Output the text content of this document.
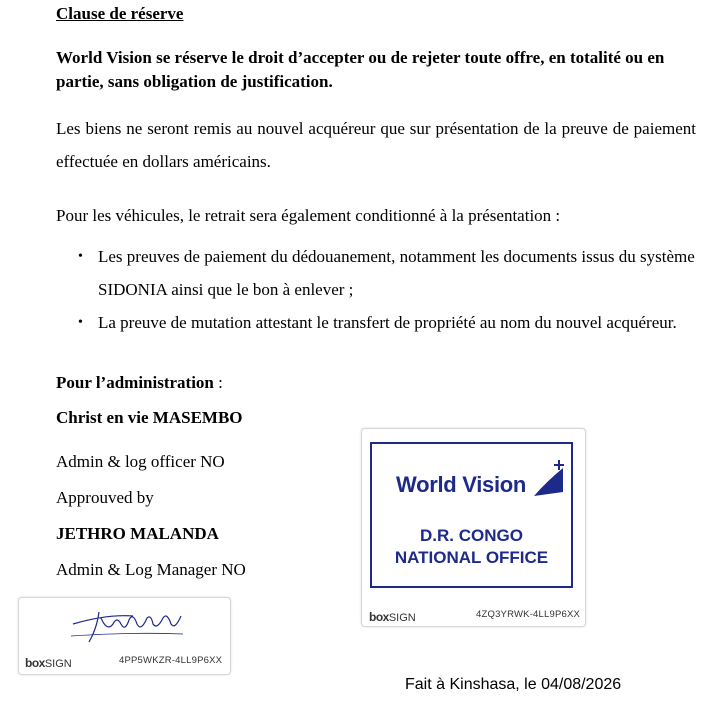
Clause de réserve
World Vision se réserve le droit d’accepter ou de rejeter toute offre, en totalité ou en partie, sans obligation de justification.
Les biens ne seront remis au nouvel acquéreur que sur présentation de la preuve de paiement effectuée en dollars américains.
Pour les véhicules, le retrait sera également conditionné à la présentation :
• Les preuves de paiement du dédouanement, notamment les documents issus du système SIDONIA ainsi que le bon à enlever ;
• La preuve de mutation attestant le transfert de propriété au nom du nouvel acquéreur.
Pour l’administration :
Christ en vie MASEMBO
Admin & log officer NO
Approuved by
JETHRO MALANDA
Admin & Log Manager NO
World Vision
D.R. CONGO
NATIONAL OFFICE
boxSIGN	4ZQ3YRWK-4LL9P6XX
boxSIGN	4PP5WKZR-4LL9P6XX
Fait à Kinshasa, le 04/08/2026
